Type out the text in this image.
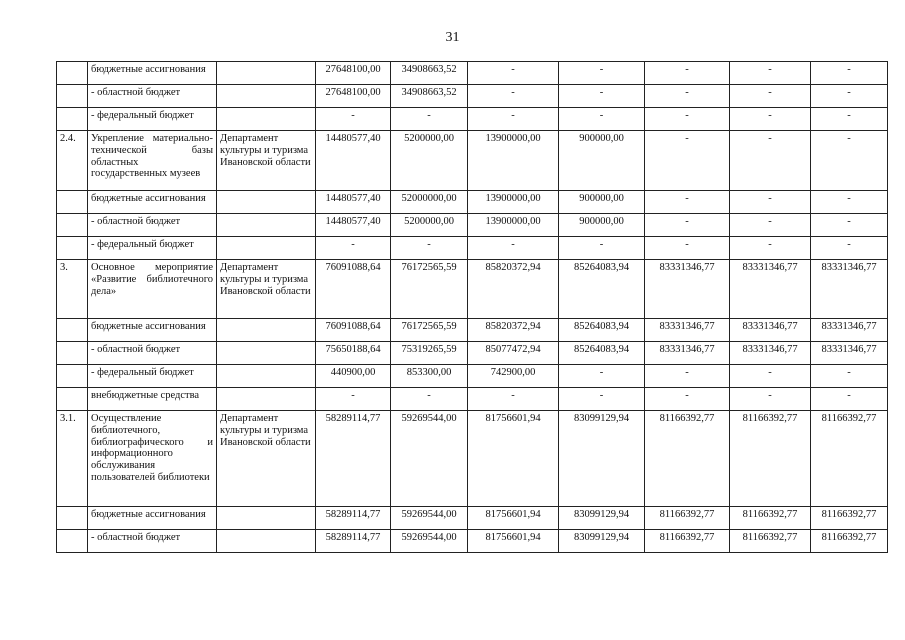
31
	бюджетные ассигнования		27648100,00	34908663,52	-	-	-	-	-
	- областной бюджет		27648100,00	34908663,52	-	-	-	-	-
	- федеральный бюджет		-	-	-	-	-	-	-
2.4.	Укрепление материально-технической базы областных государственных музеев	Департамент культуры и туризма Ивановской области	14480577,40	5200000,00	13900000,00	900000,00	-	-	-
	бюджетные ассигнования		14480577,40	52000000,00	13900000,00	900000,00	-	-	-
	- областной бюджет		14480577,40	5200000,00	13900000,00	900000,00	-	-	-
	- федеральный бюджет		-	-	-	-	-	-	-
3.	Основное мероприятие «Развитие библиотечного дела»	Департамент культуры и туризма Ивановской области	76091088,64	76172565,59	85820372,94	85264083,94	83331346,77	83331346,77	83331346,77
	бюджетные ассигнования		76091088,64	76172565,59	85820372,94	85264083,94	83331346,77	83331346,77	83331346,77
	- областной бюджет		75650188,64	75319265,59	85077472,94	85264083,94	83331346,77	83331346,77	83331346,77
	- федеральный бюджет		440900,00	853300,00	742900,00	-	-	-	-
	внебюджетные средства		-	-	-	-	-	-	-
3.1.	Осуществление библиотечного, библиографического и информационного обслуживания пользователей библиотеки	Департамент культуры и туризма Ивановской области	58289114,77	59269544,00	81756601,94	83099129,94	81166392,77	81166392,77	81166392,77
	бюджетные ассигнования		58289114,77	59269544,00	81756601,94	83099129,94	81166392,77	81166392,77	81166392,77
	- областной бюджет		58289114,77	59269544,00	81756601,94	83099129,94	81166392,77	81166392,77	81166392,77
